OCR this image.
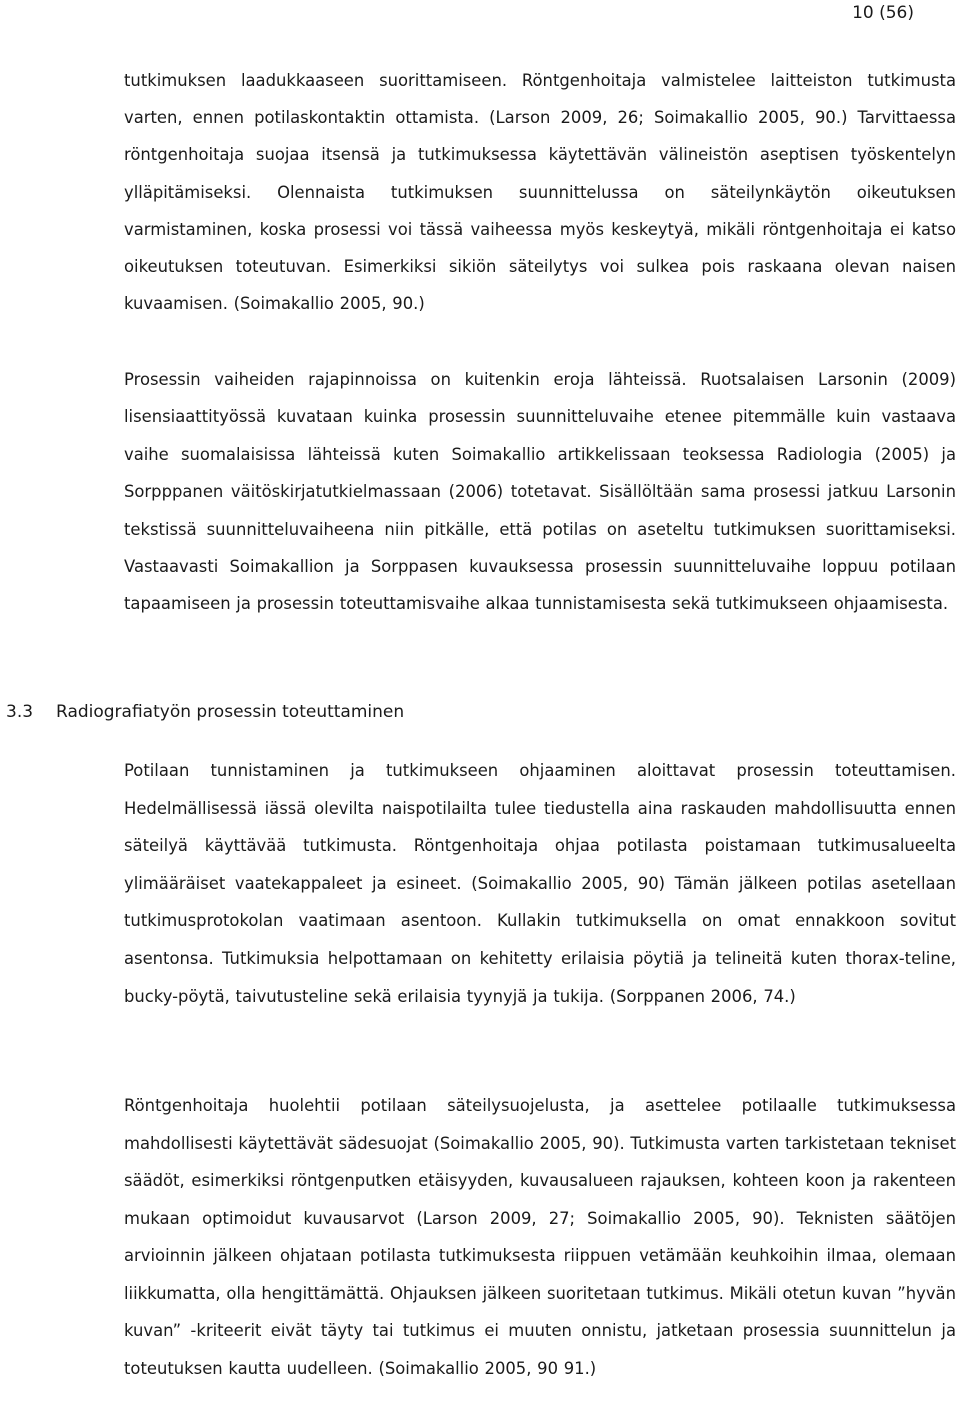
10 (56)

tutkimuksen laadukkaaseen suorittamiseen. Röntgenhoitaja valmistelee laitteiston tutkimusta varten, ennen potilaskontaktin ottamista. (Larson 2009, 26; Soimakallio 2005, 90.) Tarvittaessa röntgenhoitaja suojaa itsensä ja tutkimuksessa käytettävän välineistön aseptisen työskentelyn ylläpitämiseksi. Olennaista tutkimuksen suunnittelussa on säteilynkäytön oikeutuksen varmistaminen, koska prosessi voi tässä vaiheessa myös keskeytyä, mikäli röntgenhoitaja ei katso oikeutuksen toteutuvan. Esimerkiksi sikiön säteilytys voi sulkea pois raskaana olevan naisen kuvaamisen. (Soimakallio 2005, 90.)

Prosessin vaiheiden rajapinnoissa on kuitenkin eroja lähteissä. Ruotsalaisen Larsonin (2009) lisensiaattityössä kuvataan kuinka prosessin suunnitteluvaihe etenee pitemmälle kuin vastaava vaihe suomalaisissa lähteissä kuten Soimakallio artikkelissaan teoksessa Radiologia (2005) ja Sorpppanen väitöskirjatutkielmassaan (2006) totetavat. Sisällöltään sama prosessi jatkuu Larsonin tekstissä suunnitteluvaiheena niin pitkälle, että potilas on aseteltu tutkimuksen suorittamiseksi. Vastaavasti Soimakallion ja Sorppasen kuvauksessa prosessin suunnitteluvaihe loppuu potilaan tapaamiseen ja prosessin toteuttamisvaihe alkaa tunnistamisesta sekä tutkimukseen ohjaamisesta.

3.3 Radiografiatyön prosessin toteuttaminen

Potilaan tunnistaminen ja tutkimukseen ohjaaminen aloittavat prosessin toteuttamisen. Hedelmällisessä iässä olevilta naispotilailta tulee tiedustella aina raskauden mahdollisuutta ennen säteilyä käyttävää tutkimusta. Röntgenhoitaja ohjaa potilasta poistamaan tutkimusalueelta ylimääräiset vaatekappaleet ja esineet. (Soimakallio 2005, 90) Tämän jälkeen potilas asetellaan tutkimusprotokolan vaatimaan asentoon. Kullakin tutkimuksella on omat ennakkoon sovitut asentonsa. Tutkimuksia helpottamaan on kehitetty erilaisia pöytiä ja telineitä kuten thorax-teline, bucky-pöytä, taivutusteline sekä erilaisia tyynyjä ja tukija. (Sorppanen 2006, 74.)

Röntgenhoitaja huolehtii potilaan säteilysuojelusta, ja asettelee potilaalle tutkimuksessa mahdollisesti käytettävät sädesuojat (Soimakallio 2005, 90). Tutkimusta varten tarkistetaan tekniset säädöt, esimerkiksi röntgenputken etäisyyden, kuvausalueen rajauksen, kohteen koon ja rakenteen mukaan optimoidut kuvausarvot (Larson 2009, 27; Soimakallio 2005, 90). Teknisten säätöjen arvioinnin jälkeen ohjataan potilasta tutkimuksesta riippuen vetämään keuhkoihin ilmaa, olemaan liikkumatta, olla hengittämättä. Ohjauksen jälkeen suoritetaan tutkimus. Mikäli otetun kuvan ”hyvän kuvan” -kriteerit eivät täyty tai tutkimus ei muuten onnistu, jatketaan prosessia suunnittelun ja toteutuksen kautta uudelleen. (Soimakallio 2005, 90 91.)
